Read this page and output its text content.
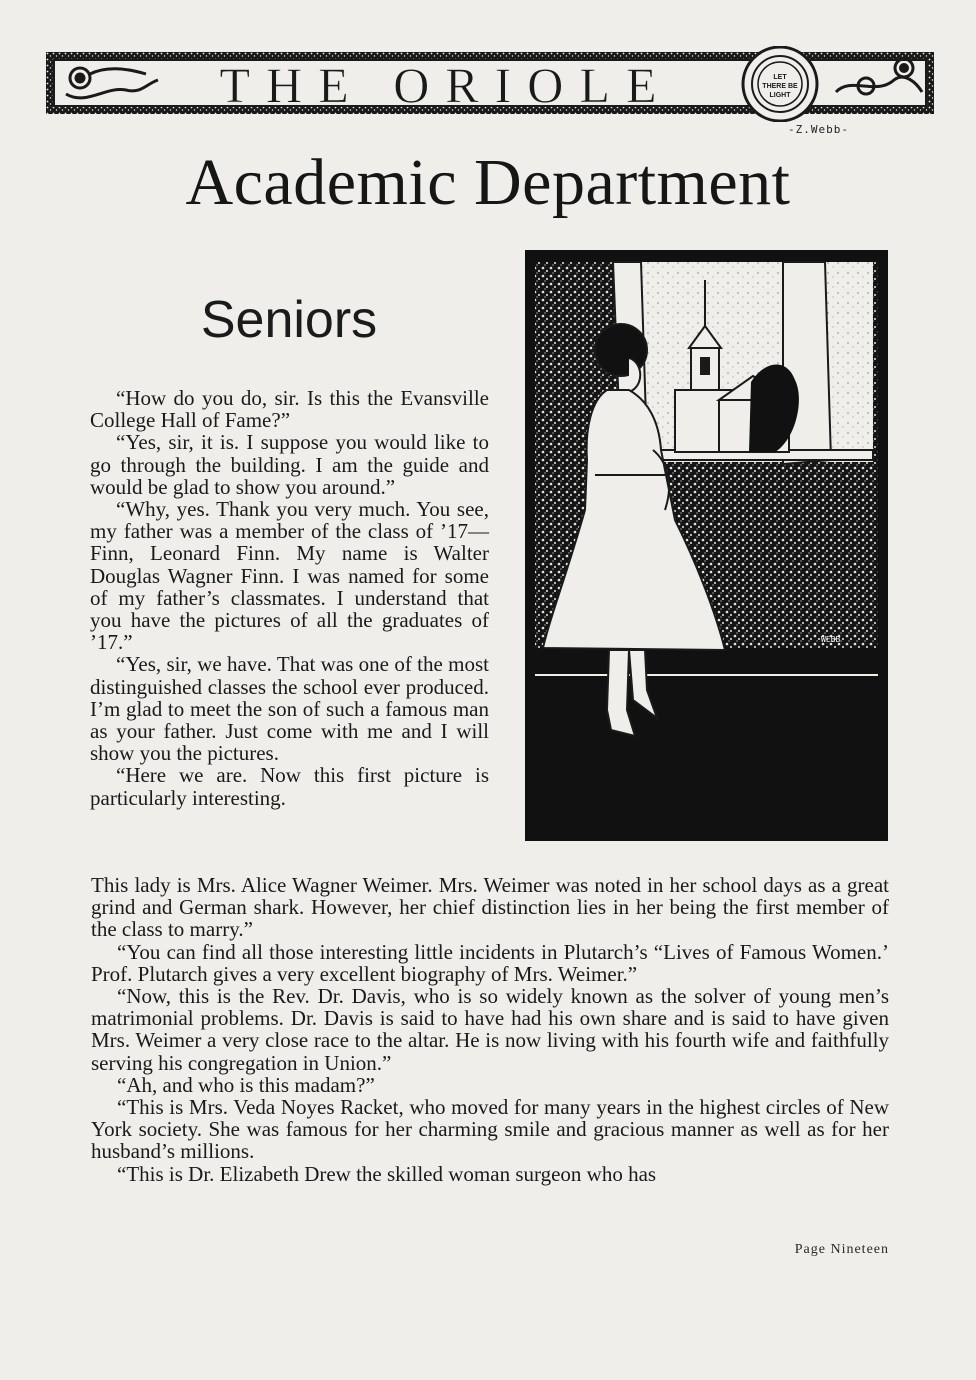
LET
THERE BE
LIGHT
THE ORIOLE
-Z.Webb-
Academic Department
Seniors
WEBB

“How do you do, sir. Is this the Evansville College Hall of Fame?”

“Yes, sir, it is. I suppose you would like to go through the building. I am the guide and would be glad to show you around.”

“Why, yes. Thank you very much. You see, my father was a member of the class of ’17—Finn, Leonard Finn. My name is Walter Douglas Wagner Finn. I was named for some of my father’s classmates. I understand that you have the pictures of all the graduates of ’17.”

“Yes, sir, we have. That was one of the most distinguished classes the school ever produced. I’m glad to meet the son of such a famous man as your father. Just come with me and I will show you the pictures.

“Here we are. Now this first picture is particularly interesting.

This lady is Mrs. Alice Wagner Weimer. Mrs. Weimer was noted in her school days as a great grind and German shark. However, her chief distinction lies in her being the first member of the class to marry.”

“You can find all those interesting little incidents in Plutarch’s “Lives of Famous Women.’ Prof. Plutarch gives a very excellent biography of Mrs. Weimer.”

“Now, this is the Rev. Dr. Davis, who is so widely known as the solver of young men’s matrimonial problems. Dr. Davis is said to have had his own share and is said to have given Mrs. Weimer a very close race to the altar. He is now living with his fourth wife and faithfully serving his congregation in Union.”

“Ah, and who is this madam?”

“This is Mrs. Veda Noyes Racket, who moved for many years in the highest circles of New York society. She was famous for her charming smile and gracious manner as well as for her husband’s millions.

“This is Dr. Elizabeth Drew the skilled woman surgeon who has

Page Nineteen
